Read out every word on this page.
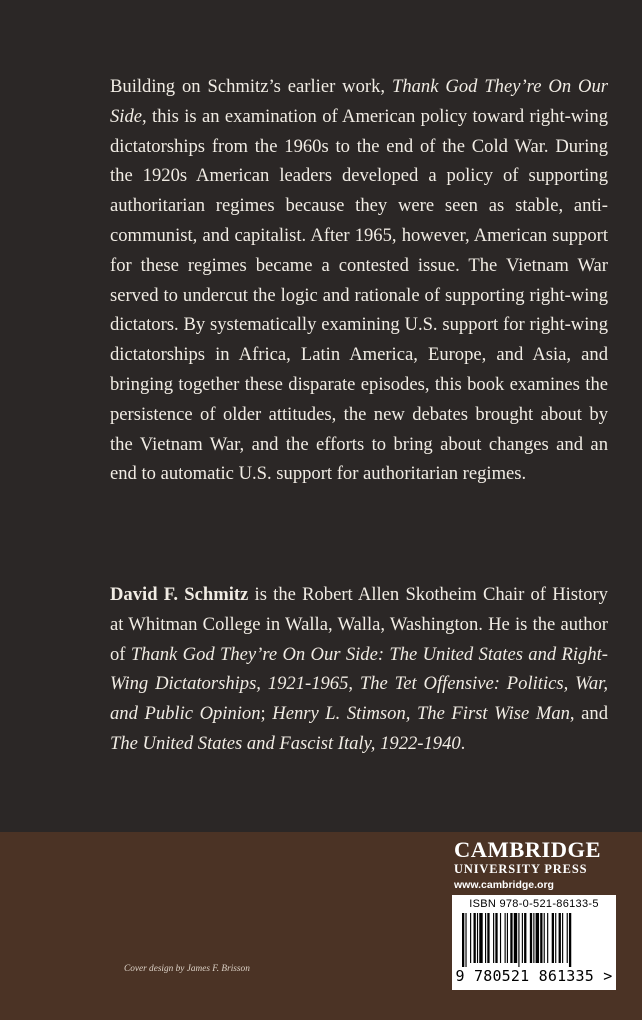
Building on Schmitz’s earlier work, Thank God They’re On Our Side, this is an examination of American policy toward right-wing dictatorships from the 1960s to the end of the Cold War. During the 1920s American leaders developed a policy of supporting authoritarian regimes because they were seen as stable, anti-communist, and capitalist. After 1965, however, American support for these regimes became a contested issue. The Vietnam War served to undercut the logic and rationale of supporting right-wing dictators. By systematically examining U.S. support for right-wing dictatorships in Africa, Latin America, Europe, and Asia, and bringing together these disparate episodes, this book examines the persistence of older attitudes, the new debates brought about by the Vietnam War, and the efforts to bring about changes and an end to automatic U.S. support for authoritarian regimes.

David F. Schmitz is the Robert Allen Skotheim Chair of History at Whitman College in Walla, Walla, Washington. He is the author of Thank God They’re On Our Side: The United States and Right-Wing Dictatorships, 1921-1965, The Tet Offensive: Politics, War, and Public Opinion; Henry L. Stimson, The First Wise Man, and The United States and Fascist Italy, 1922-1940.

CAMBRIDGE
UNIVERSITY PRESS
www.cambridge.org
ISBN 978-0-521-86133-5
9 780521 861335 >
Cover design by James F. Brisson
